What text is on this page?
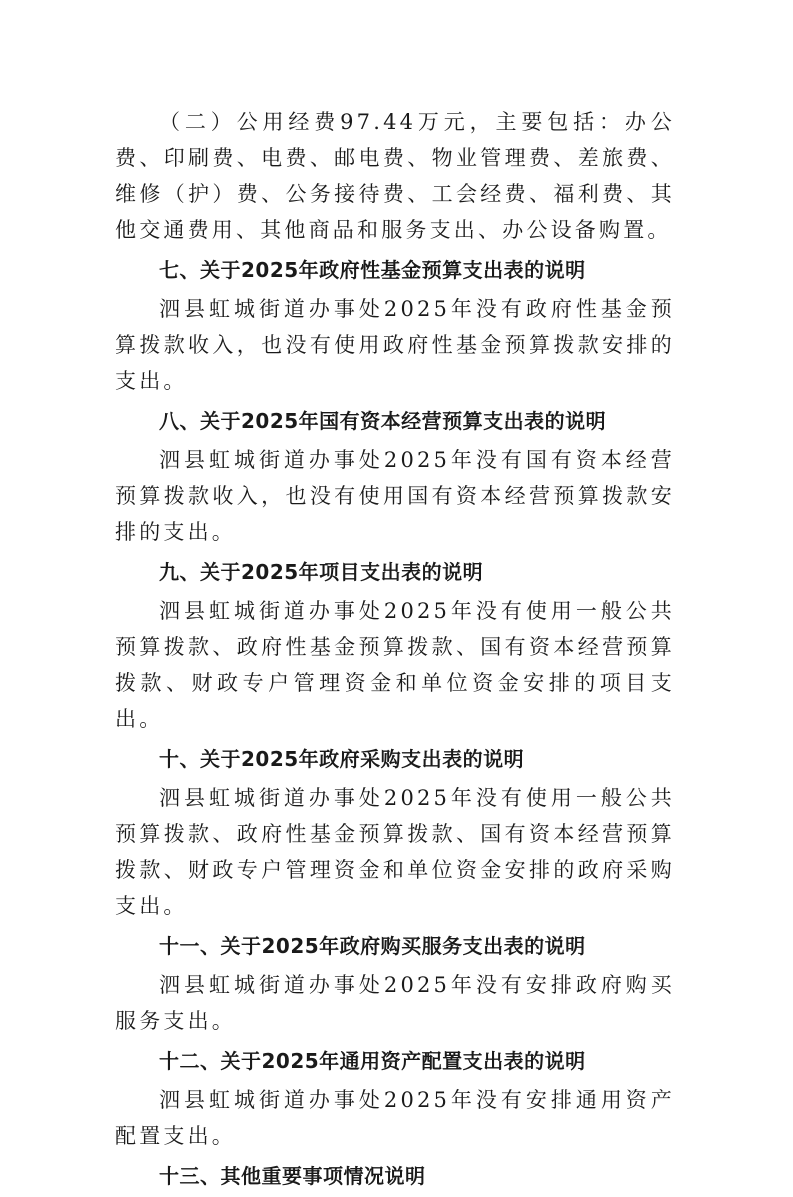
（二）公用经费97.44万元，主要包括：办公费、印刷费、电费、邮电费、物业管理费、差旅费、维修（护）费、公务接待费、工会经费、福利费、其他交通费用、其他商品和服务支出、办公设备购置。

七、关于2025年政府性基金预算支出表的说明

泗县虹城街道办事处2025年没有政府性基金预算拨款收入，也没有使用政府性基金预算拨款安排的支出。

八、关于2025年国有资本经营预算支出表的说明

泗县虹城街道办事处2025年没有国有资本经营预算拨款收入，也没有使用国有资本经营预算拨款安排的支出。

九、关于2025年项目支出表的说明

泗县虹城街道办事处2025年没有使用一般公共预算拨款、政府性基金预算拨款、国有资本经营预算拨款、财政专户管理资金和单位资金安排的项目支出。

十、关于2025年政府采购支出表的说明

泗县虹城街道办事处2025年没有使用一般公共预算拨款、政府性基金预算拨款、国有资本经营预算拨款、财政专户管理资金和单位资金安排的政府采购支出。

十一、关于2025年政府购买服务支出表的说明

泗县虹城街道办事处2025年没有安排政府购买服务支出。

十二、关于2025年通用资产配置支出表的说明

泗县虹城街道办事处2025年没有安排通用资产配置支出。

十三、其他重要事项情况说明
